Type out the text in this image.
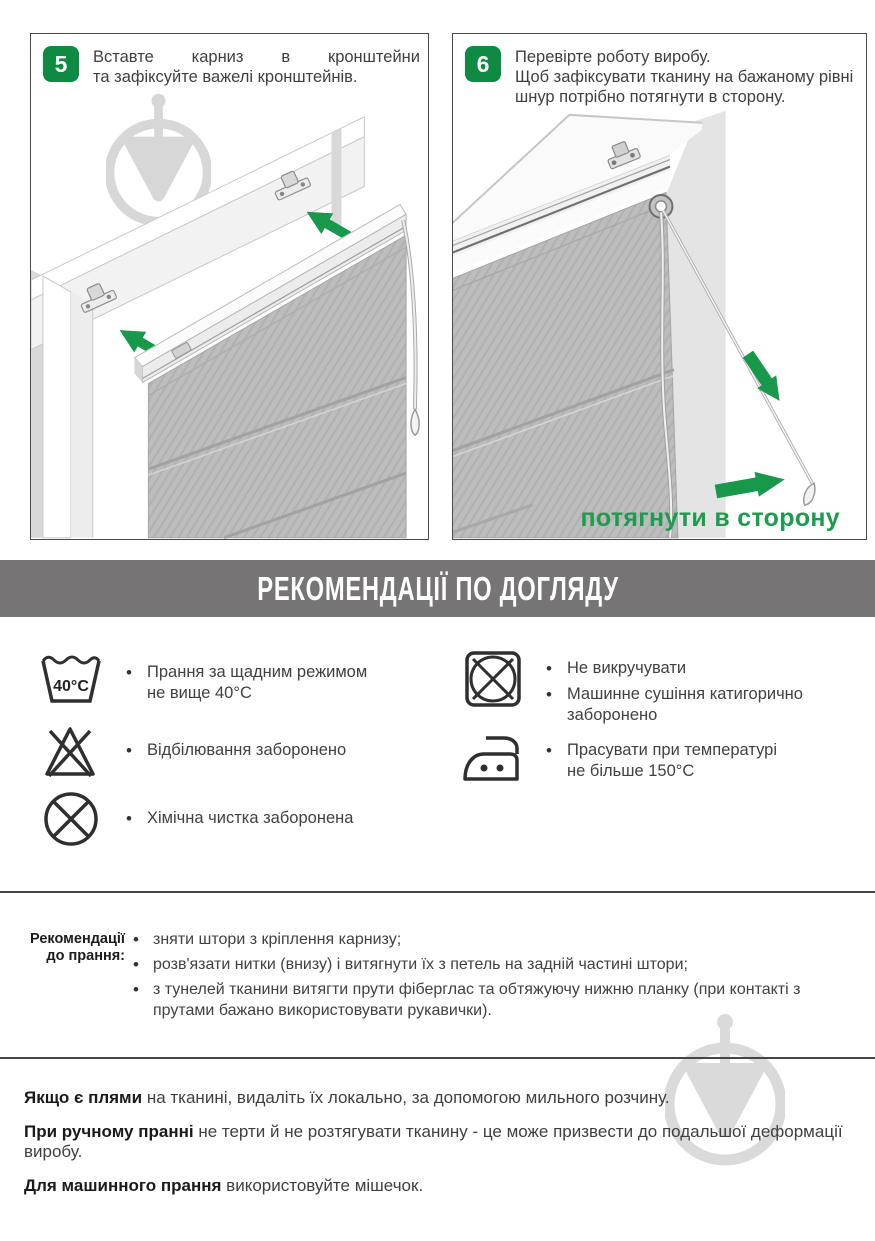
5	Вставте карниз в кронштейни
та зафіксуйте важелі кронштейнів.
6	Перевірте роботу виробу.
Щоб зафіксувати тканину на бажаному рівні
шнур потрібно потягнути в сторону.
потягнути в сторону
РЕКОМЕНДАЦІЇ ПО ДОГЛЯДУ
40°С
• Прання за щадним режимом
не вище 40°С
• Відбілювання заборонено
• Хімічна чистка заборонена
• Не викручувати
• Машинне сушіння катигорично
заборонено
• Прасувати при температурі
не більше 150°С
Рекомендації
до прання:
• зняти штори з кріплення карнизу;
• розв'язати нитки (внизу) і витягнути їх з петель на задній частині штори;
• з тунелей тканини витягти прути фіберглас та обтяжуючу нижню планку (при контакті з прутами бажано використовувати рукавички).

Якщо є плями на тканині, видаліть їх локально, за допомогою мильного розчину.

При ручному пранні не терти й не розтягувати тканину - це може призвести до подальшої деформації виробу.

Для машинного прання використовуйте мішечок.
